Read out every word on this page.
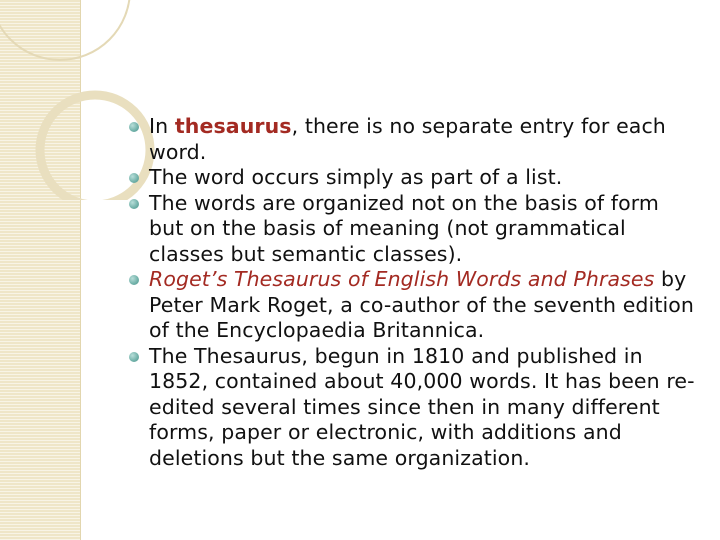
In thesaurus, there is no separate entry for each word.
The word occurs simply as part of a list.
The words are organized not on the basis of form but on the basis of meaning (not grammatical classes but semantic classes).
Roget’s Thesaurus of English Words and Phrases by Peter Mark Roget, a co-author of the seventh edition of the Encyclopaedia Britannica.
The Thesaurus, begun in 1810 and published in 1852, contained about 40,000 words. It has been re-edited several times since then in many different forms, paper or electronic, with additions and deletions but the same organization.
